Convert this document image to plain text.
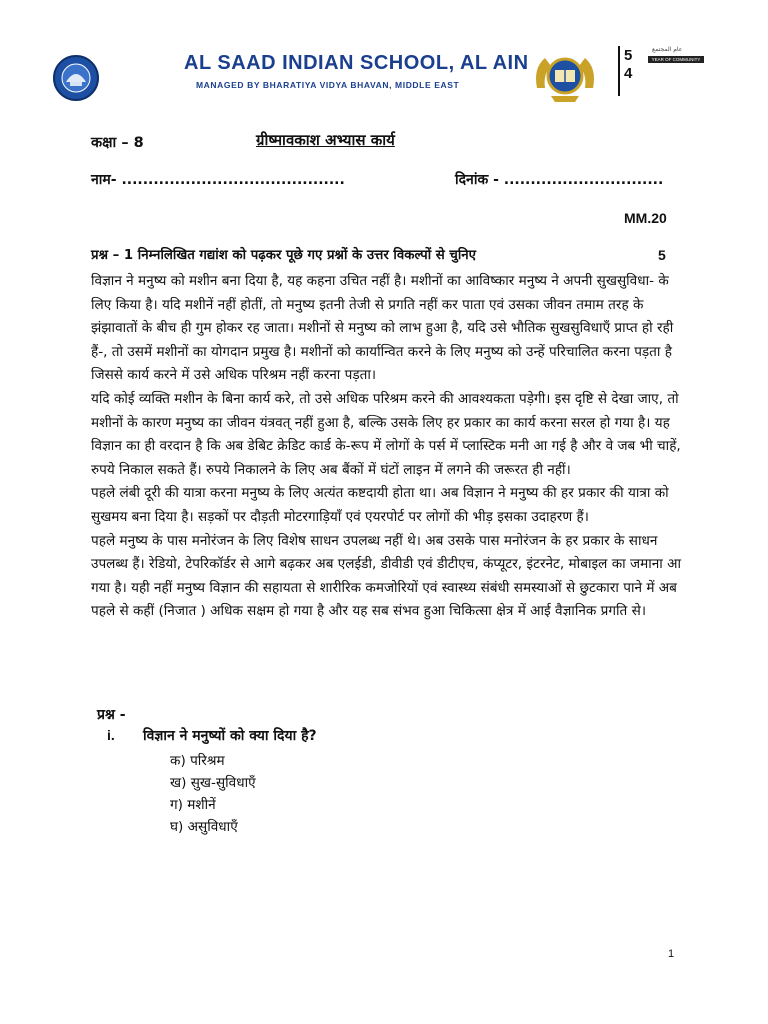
AL SAAD INDIAN SCHOOL, AL AIN
MANAGED BY BHARATIYA VIDYA BHAVAN, MIDDLE EAST
5
4
عام المجتمع
YEAR OF COMMUNITY
कक्षा – 8	ग्रीष्मावकाश अभ्यास कार्य
नाम- ..........................................	दिनांक - ..............................
MM.20
प्रश्न – 1 निम्नलिखित गद्यांश को पढ़कर पूछे गए प्रश्नों के उत्तर विकल्पों से चुनिए	5

विज्ञान ने मनुष्य को मशीन बना दिया है, यह कहना उचित नहीं है। मशीनों का आविष्कार मनुष्य ने अपनी सुखसुविधा- के लिए किया है। यदि मशीनें नहीं होतीं, तो मनुष्य इतनी तेजी से प्रगति नहीं कर पाता एवं उसका जीवन तमाम तरह के झंझावातों के बीच ही गुम होकर रह जाता। मशीनों से मनुष्य को लाभ हुआ है, यदि उसे भौतिक सुखसुविधाएँ प्राप्त हो रही हैं-, तो उसमें मशीनों का योगदान प्रमुख है। मशीनों को कार्यान्वित करने के लिए मनुष्य को उन्हें परिचालित करना पड़ता है जिससे कार्य करने में उसे अधिक परिश्रम नहीं करना पड़ता।

यदि कोई व्यक्ति मशीन के बिना कार्य करे, तो उसे अधिक परिश्रम करने की आवश्यकता पड़ेगी। इस दृष्टि से देखा जाए, तो मशीनों के कारण मनुष्य का जीवन यंत्रवत् नहीं हुआ है, बल्कि उसके लिए हर प्रकार का कार्य करना सरल हो गया है। यह विज्ञान का ही वरदान है कि अब डेबिट क्रेडिट कार्ड के-रूप में लोगों के पर्स में प्लास्टिक मनी आ गई है और वे जब भी चाहें, रुपये निकाल सकते हैं। रुपये निकालने के लिए अब बैंकों में घंटों लाइन में लगने की जरूरत ही नहीं।

पहले लंबी दूरी की यात्रा करना मनुष्य के लिए अत्यंत कष्टदायी होता था। अब विज्ञान ने मनुष्य की हर प्रकार की यात्रा को सुखमय बना दिया है। सड़कों पर दौड़ती मोटरगाड़ियाँ एवं एयरपोर्ट पर लोगों की भीड़ इसका उदाहरण हैं।

पहले मनुष्य के पास मनोरंजन के लिए विशेष साधन उपलब्ध नहीं थे। अब उसके पास मनोरंजन के हर प्रकार के साधन उपलब्ध हैं। रेडियो, टेपरिकॉर्डर से आगे बढ़कर अब एलईडी, डीवीडी एवं डीटीएच, कंप्यूटर, इंटरनेट, मोबाइल का जमाना आ गया है। यही नहीं मनुष्य विज्ञान की सहायता से शारीरिक कमजोरियों एवं स्वास्थ्य संबंधी समस्याओं से छुटकारा पाने में अब पहले से कहीं (निजात ) अधिक सक्षम हो गया है और यह सब संभव हुआ चिकित्सा क्षेत्र में आई वैज्ञानिक प्रगति से।

प्रश्न -
i. विज्ञान ने मनुष्यों को क्या दिया है?
क) परिश्रम
ख) सुख-सुविधाएँ
ग) मशीनें
घ) असुविधाएँ
1
